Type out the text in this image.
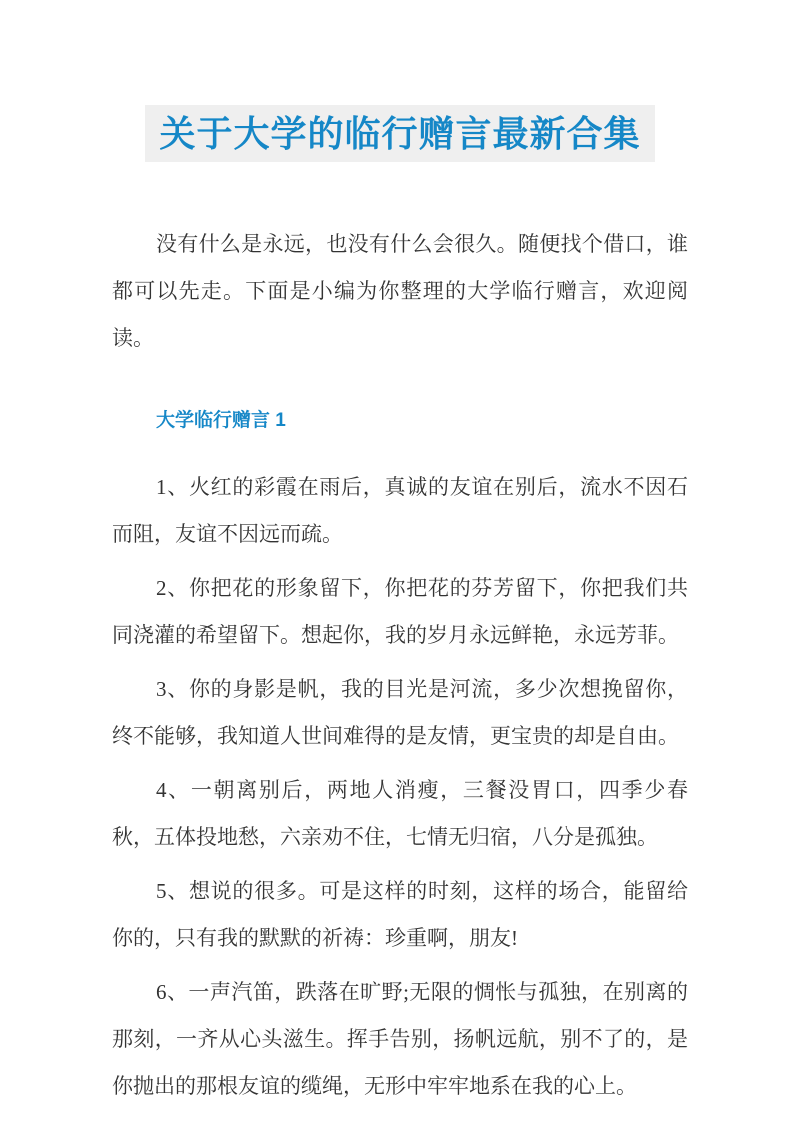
关于大学的临行赠言最新合集

没有什么是永远，也没有什么会很久。随便找个借口，谁都可以先走。下面是小编为你整理的大学临行赠言，欢迎阅读。

大学临行赠言 1

1、火红的彩霞在雨后，真诚的友谊在别后，流水不因石而阻，友谊不因远而疏。

2、你把花的形象留下，你把花的芬芳留下，你把我们共同浇灌的希望留下。想起你，我的岁月永远鲜艳，永远芳菲。

3、你的身影是帆，我的目光是河流，多少次想挽留你，终不能够，我知道人世间难得的是友情，更宝贵的却是自由。

4、一朝离别后，两地人消瘦，三餐没胃口，四季少春秋，五体投地愁，六亲劝不住，七情无归宿，八分是孤独。

5、想说的很多。可是这样的时刻，这样的场合，能留给你的，只有我的默默的祈祷：珍重啊，朋友!

6、一声汽笛，跌落在旷野;无限的惆怅与孤独，在别离的那刻，一齐从心头滋生。挥手告别，扬帆远航，别不了的，是你抛出的那根友谊的缆绳，无形中牢牢地系在我的心上。
